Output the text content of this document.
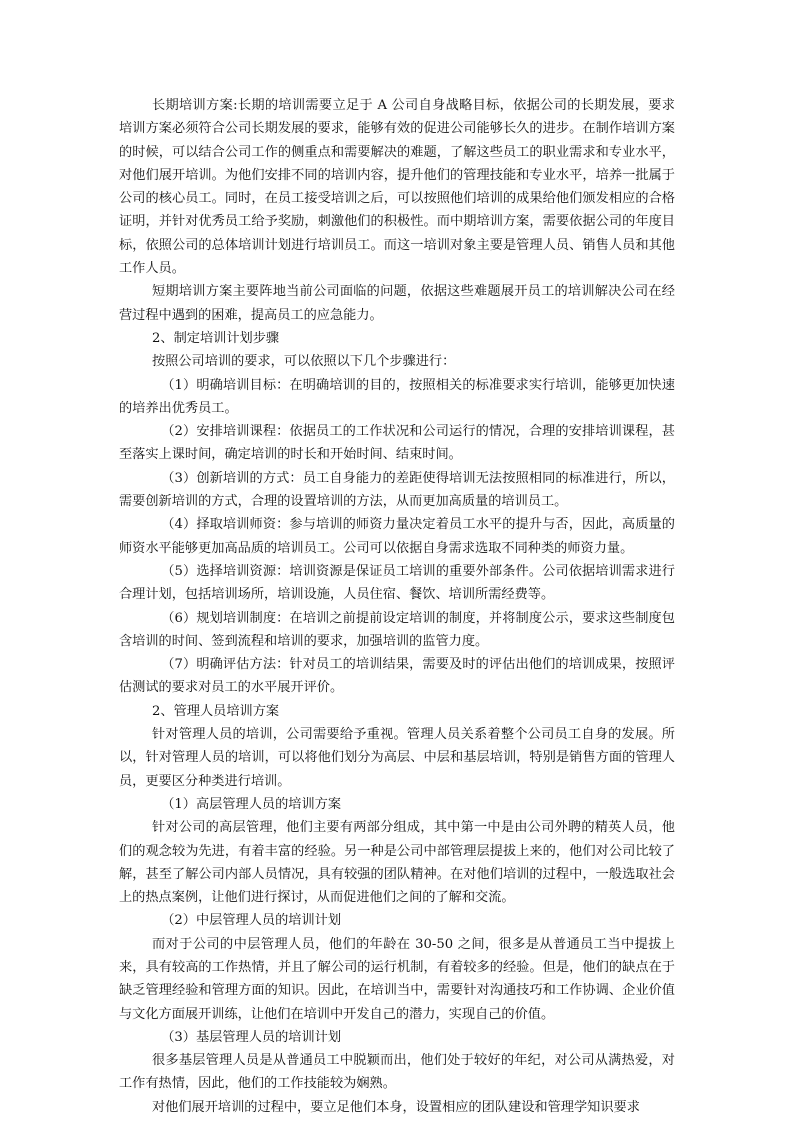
长期培训方案:长期的培训需要立足于 A 公司自身战略目标，依据公司的长期发展，要求培训方案必须符合公司长期发展的要求，能够有效的促进公司能够长久的进步。在制作培训方案的时候，可以结合公司工作的侧重点和需要解决的难题，了解这些员工的职业需求和专业水平，对他们展开培训。为他们安排不同的培训内容，提升他们的管理技能和专业水平，培养一批属于公司的核心员工。同时，在员工接受培训之后，可以按照他们培训的成果给他们颁发相应的合格证明，并针对优秀员工给予奖励，刺激他们的积极性。而中期培训方案，需要依据公司的年度目标，依照公司的总体培训计划进行培训员工。而这一培训对象主要是管理人员、销售人员和其他工作人员。

短期培训方案主要阵地当前公司面临的问题，依据这些难题展开员工的培训解决公司在经营过程中遇到的困难，提高员工的应急能力。

2、制定培训计划步骤

按照公司培训的要求，可以依照以下几个步骤进行：

（1）明确培训目标：在明确培训的目的，按照相关的标准要求实行培训，能够更加快速的培养出优秀员工。

（2）安排培训课程：依据员工的工作状况和公司运行的情况，合理的安排培训课程，甚至落实上课时间，确定培训的时长和开始时间、结束时间。

（3）创新培训的方式：员工自身能力的差距使得培训无法按照相同的标准进行，所以，需要创新培训的方式，合理的设置培训的方法，从而更加高质量的培训员工。

（4）择取培训师资：参与培训的师资力量决定着员工水平的提升与否，因此，高质量的师资水平能够更加高品质的培训员工。公司可以依据自身需求选取不同种类的师资力量。

（5）选择培训资源：培训资源是保证员工培训的重要外部条件。公司依据培训需求进行合理计划，包括培训场所，培训设施，人员住宿、餐饮、培训所需经费等。

（6）规划培训制度：在培训之前提前设定培训的制度，并将制度公示，要求这些制度包含培训的时间、签到流程和培训的要求，加强培训的监管力度。

（7）明确评估方法：针对员工的培训结果，需要及时的评估出他们的培训成果，按照评估测试的要求对员工的水平展开评价。

2、管理人员培训方案

针对管理人员的培训，公司需要给予重视。管理人员关系着整个公司员工自身的发展。所以，针对管理人员的培训，可以将他们划分为高层、中层和基层培训，特别是销售方面的管理人员，更要区分种类进行培训。

（1）高层管理人员的培训方案

针对公司的高层管理，他们主要有两部分组成，其中第一中是由公司外聘的精英人员，他们的观念较为先进，有着丰富的经验。另一种是公司中部管理层提拔上来的，他们对公司比较了解，甚至了解公司内部人员情况，具有较强的团队精神。在对他们培训的过程中，一般选取社会上的热点案例，让他们进行探讨，从而促进他们之间的了解和交流。

（2）中层管理人员的培训计划

而对于公司的中层管理人员，他们的年龄在 30-50 之间，很多是从普通员工当中提拔上来，具有较高的工作热情，并且了解公司的运行机制，有着较多的经验。但是，他们的缺点在于缺乏管理经验和管理方面的知识。因此，在培训当中，需要针对沟通技巧和工作协调、企业价值与文化方面展开训练，让他们在培训中开发自己的潜力，实现自己的价值。

（3）基层管理人员的培训计划

很多基层管理人员是从普通员工中脱颖而出，他们处于较好的年纪，对公司从满热爱，对工作有热情，因此，他们的工作技能较为娴熟。

对他们展开培训的过程中，要立足他们本身，设置相应的团队建设和管理学知识要求
